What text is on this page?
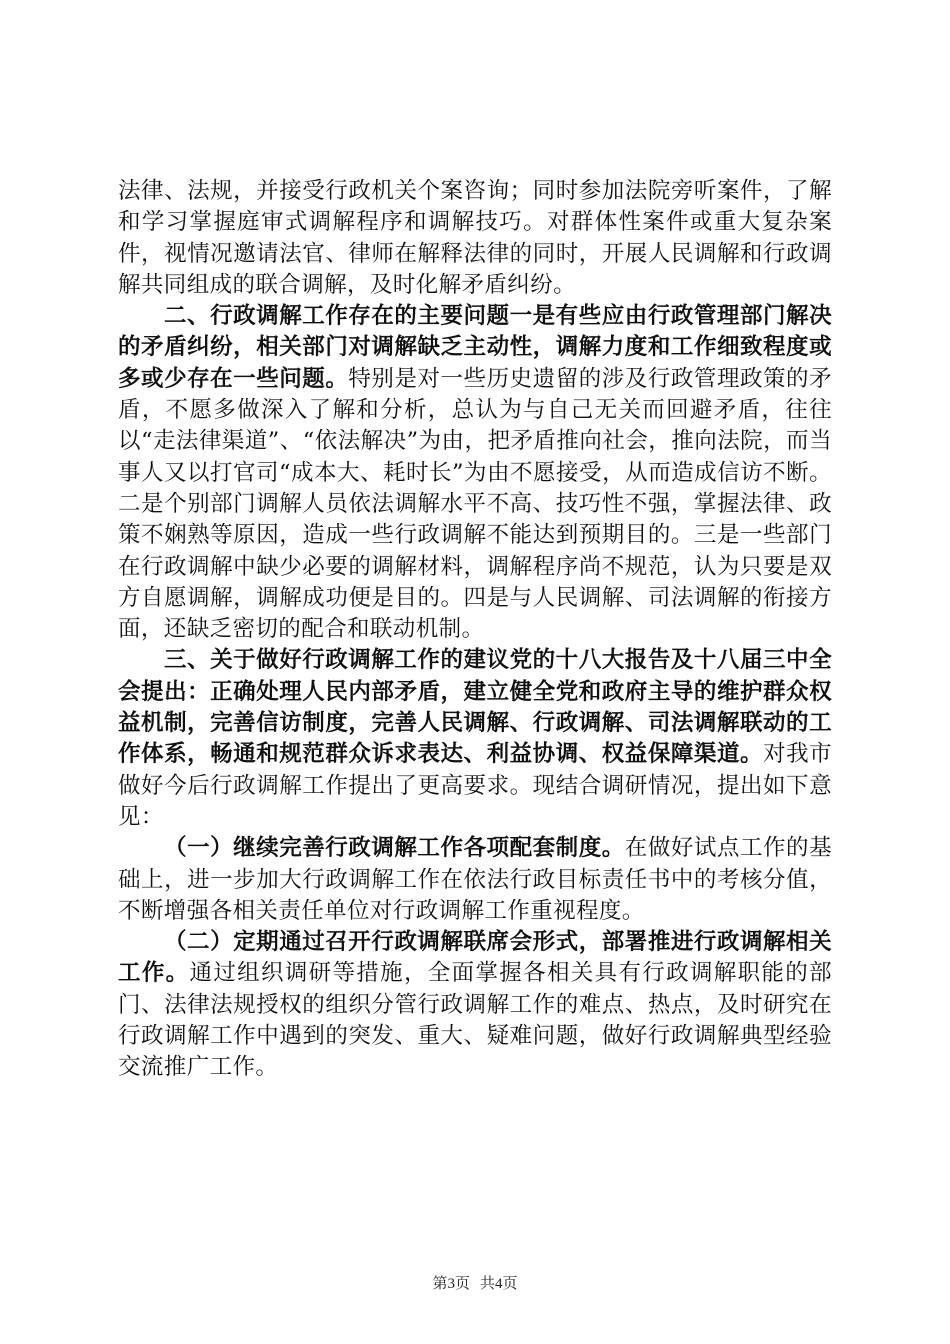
法律、法规，并接受行政机关个案咨询；同时参加法院旁听案件，了解和学习掌握庭审式调解程序和调解技巧。对群体性案件或重大复杂案件，视情况邀请法官、律师在解释法律的同时，开展人民调解和行政调解共同组成的联合调解，及时化解矛盾纠纷。

二、行政调解工作存在的主要问题一是有些应由行政管理部门解决的矛盾纠纷，相关部门对调解缺乏主动性，调解力度和工作细致程度或多或少存在一些问题。特别是对一些历史遗留的涉及行政管理政策的矛盾，不愿多做深入了解和分析，总认为与自己无关而回避矛盾，往往以“走法律渠道”、“依法解决”为由，把矛盾推向社会，推向法院，而当事人又以打官司“成本大、耗时长”为由不愿接受，从而造成信访不断。二是个别部门调解人员依法调解水平不高、技巧性不强，掌握法律、政策不娴熟等原因，造成一些行政调解不能达到预期目的。三是一些部门在行政调解中缺少必要的调解材料，调解程序尚不规范，认为只要是双方自愿调解，调解成功便是目的。四是与人民调解、司法调解的衔接方面，还缺乏密切的配合和联动机制。

三、关于做好行政调解工作的建议党的十八大报告及十八届三中全会提出：正确处理人民内部矛盾，建立健全党和政府主导的维护群众权益机制，完善信访制度，完善人民调解、行政调解、司法调解联动的工作体系，畅通和规范群众诉求表达、利益协调、权益保障渠道。对我市做好今后行政调解工作提出了更高要求。现结合调研情况，提出如下意见：

（一）继续完善行政调解工作各项配套制度。在做好试点工作的基础上，进一步加大行政调解工作在依法行政目标责任书中的考核分值，不断增强各相关责任单位对行政调解工作重视程度。

（二）定期通过召开行政调解联席会形式，部署推进行政调解相关工作。通过组织调研等措施，全面掌握各相关具有行政调解职能的部门、法律法规授权的组织分管行政调解工作的难点、热点，及时研究在行政调解工作中遇到的突发、重大、疑难问题，做好行政调解典型经验交流推广工作。

第3页 共4页
